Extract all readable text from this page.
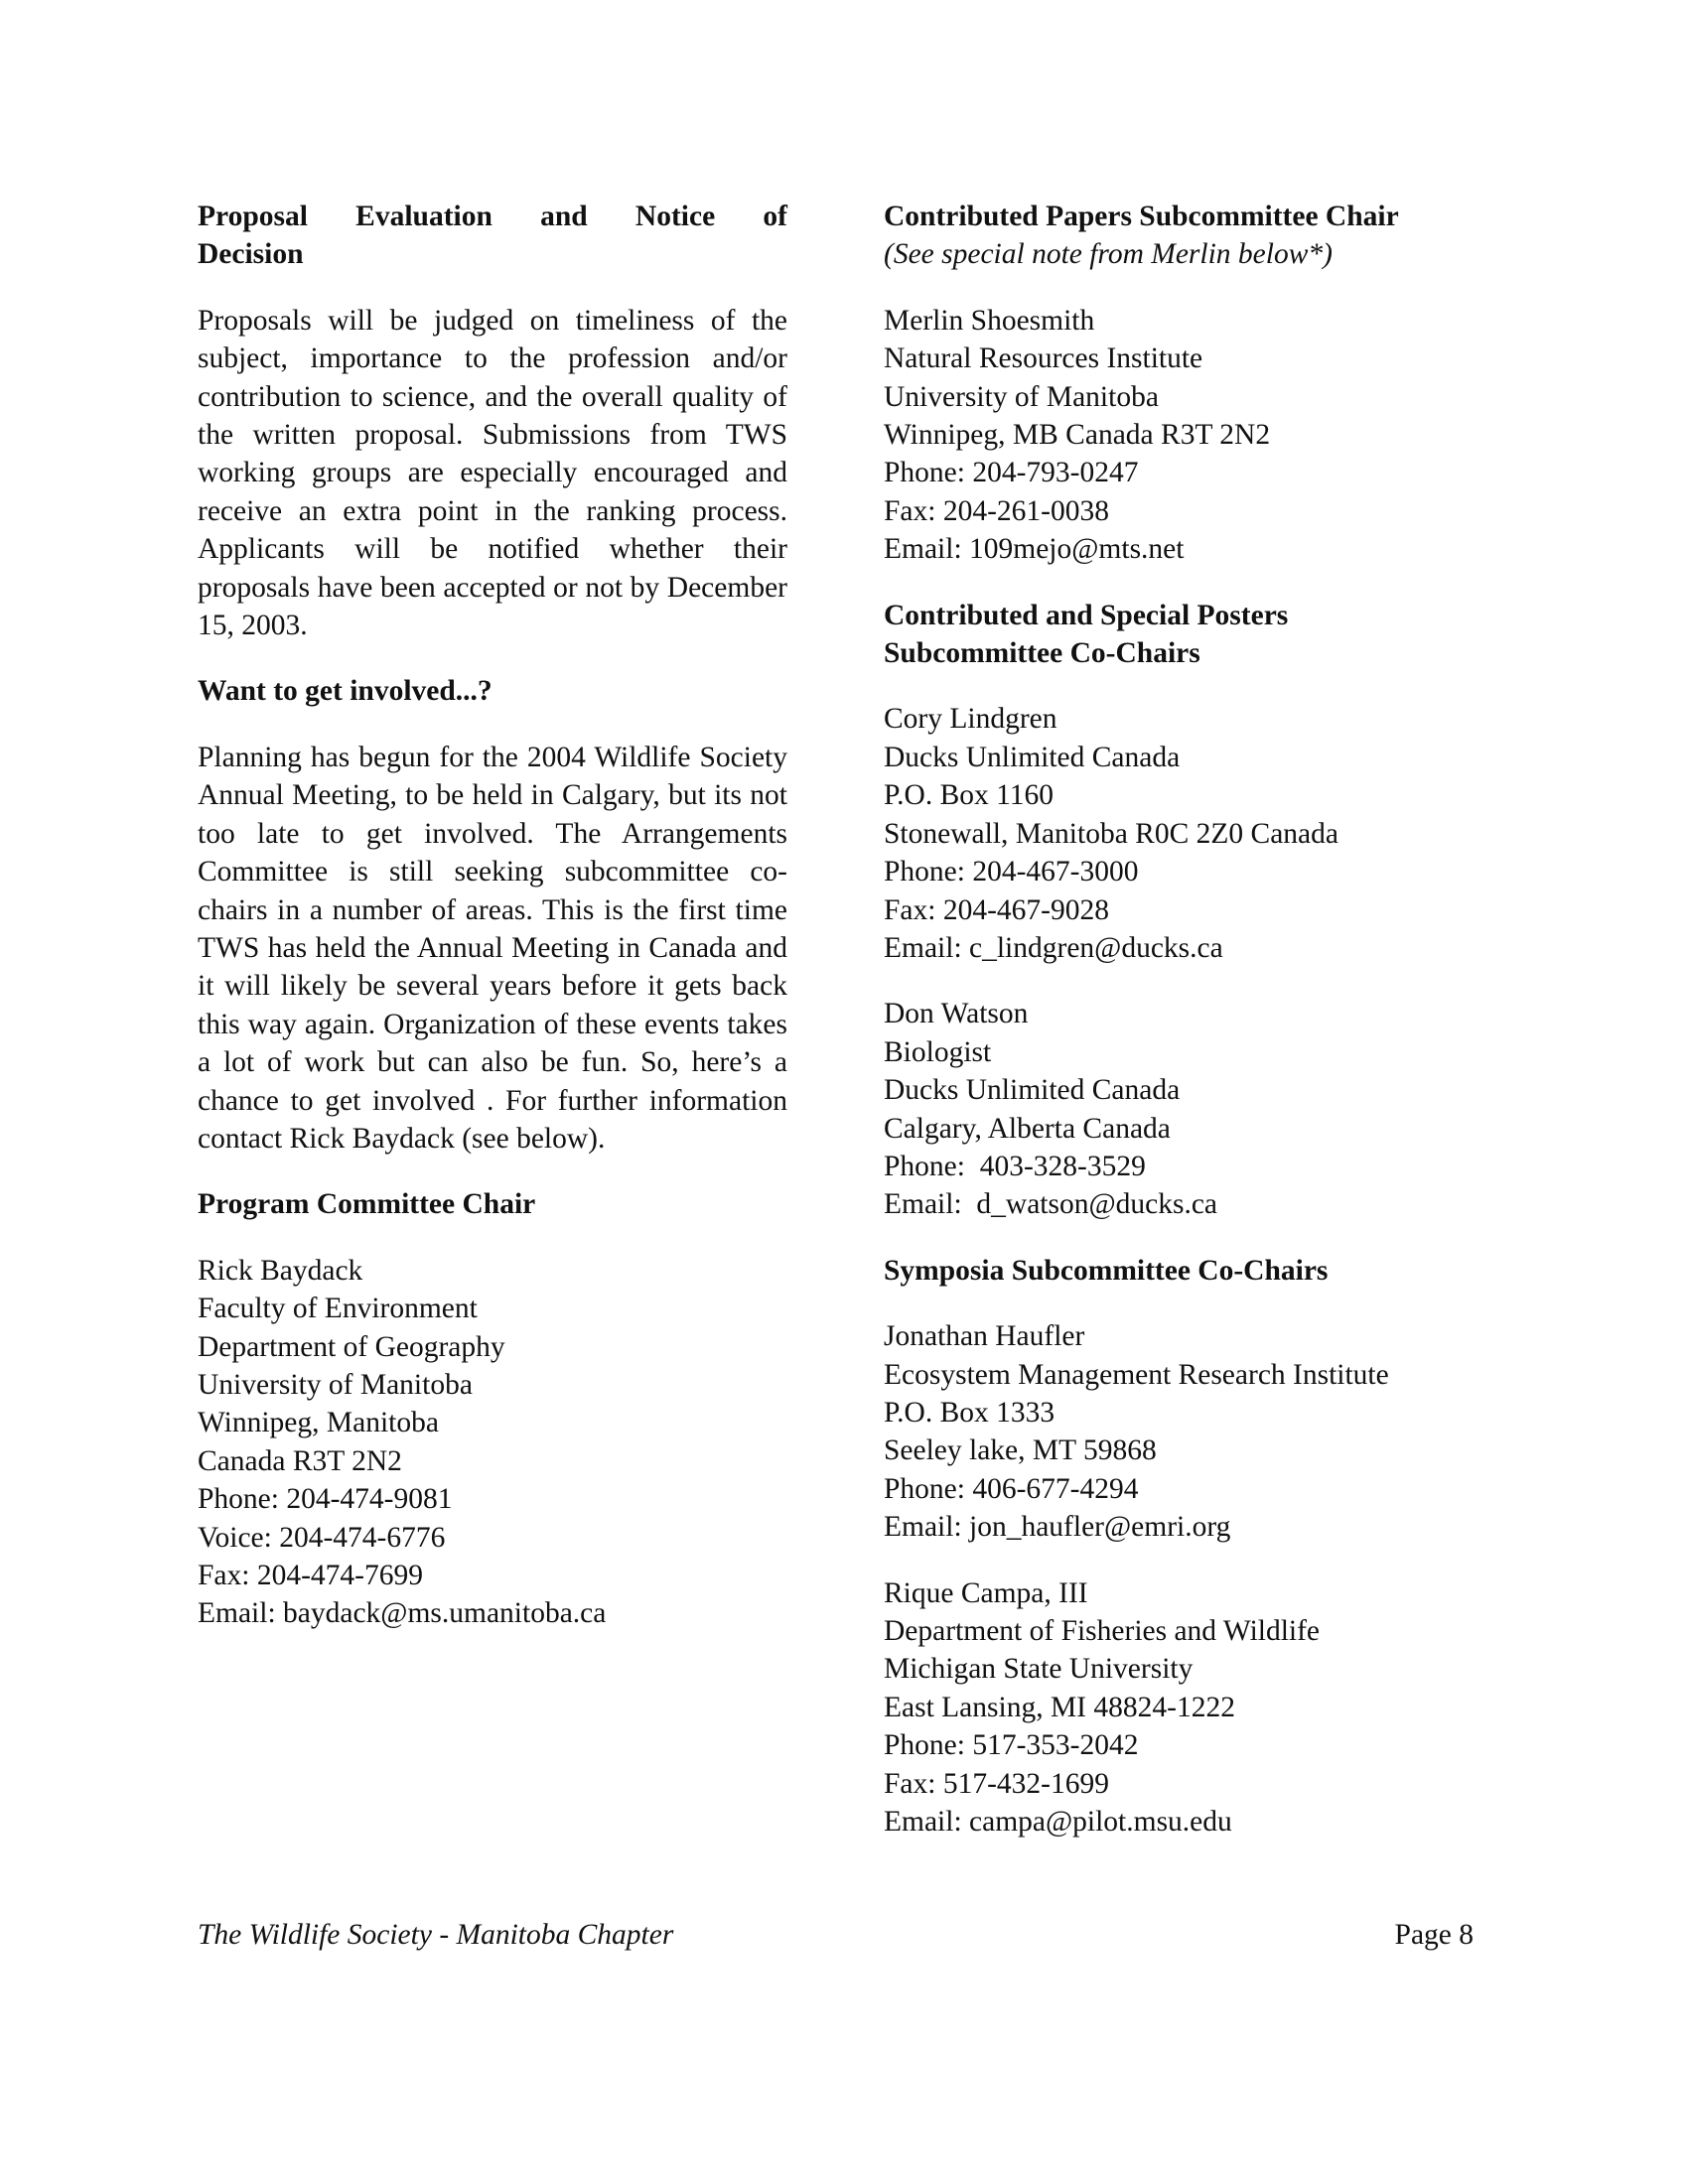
Proposal Evaluation and Notice of
Decision
Proposals will be judged on timeliness of the subject, importance to the profession and/or contribution to science, and the overall quality of the written proposal. Submissions from TWS working groups are especially encouraged and receive an extra point in the ranking process. Applicants will be notified whether their proposals have been accepted or not by December 15, 2003.
Want to get involved...?
Planning has begun for the 2004 Wildlife Society Annual Meeting, to be held in Calgary, but its not too late to get involved. The Arrangements Committee is still seeking subcommittee co-chairs in a number of areas. This is the first time TWS has held the Annual Meeting in Canada and it will likely be several years before it gets back this way again. Organization of these events takes a lot of work but can also be fun. So, here’s a chance to get involved . For further information contact Rick Baydack (see below).
Program Committee Chair
Rick Baydack
Faculty of Environment
Department of Geography
University of Manitoba
Winnipeg, Manitoba
Canada R3T 2N2
Phone: 204-474-9081
Voice: 204-474-6776
Fax: 204-474-7699
Email: baydack@ms.umanitoba.ca
Contributed Papers Subcommittee Chair
(See special note from Merlin below*)
Merlin Shoesmith
Natural Resources Institute
University of Manitoba
Winnipeg, MB Canada R3T 2N2
Phone: 204-793-0247
Fax: 204-261-0038
Email: 109mejo@mts.net
Contributed and Special Posters
Subcommittee Co-Chairs
Cory Lindgren
Ducks Unlimited Canada
P.O. Box 1160
Stonewall, Manitoba R0C 2Z0 Canada
Phone: 204-467-3000
Fax: 204-467-9028
Email: c_lindgren@ducks.ca
Don Watson
Biologist
Ducks Unlimited Canada
Calgary, Alberta Canada
Phone:  403-328-3529
Email:  d_watson@ducks.ca
Symposia Subcommittee Co-Chairs
Jonathan Haufler
Ecosystem Management Research Institute
P.O. Box 1333
Seeley lake, MT 59868
Phone: 406-677-4294
Email: jon_haufler@emri.org
Rique Campa, III
Department of Fisheries and Wildlife
Michigan State University
East Lansing, MI 48824-1222
Phone: 517-353-2042
Fax: 517-432-1699
Email: campa@pilot.msu.edu
The Wildlife Society - Manitoba Chapter	Page 8
